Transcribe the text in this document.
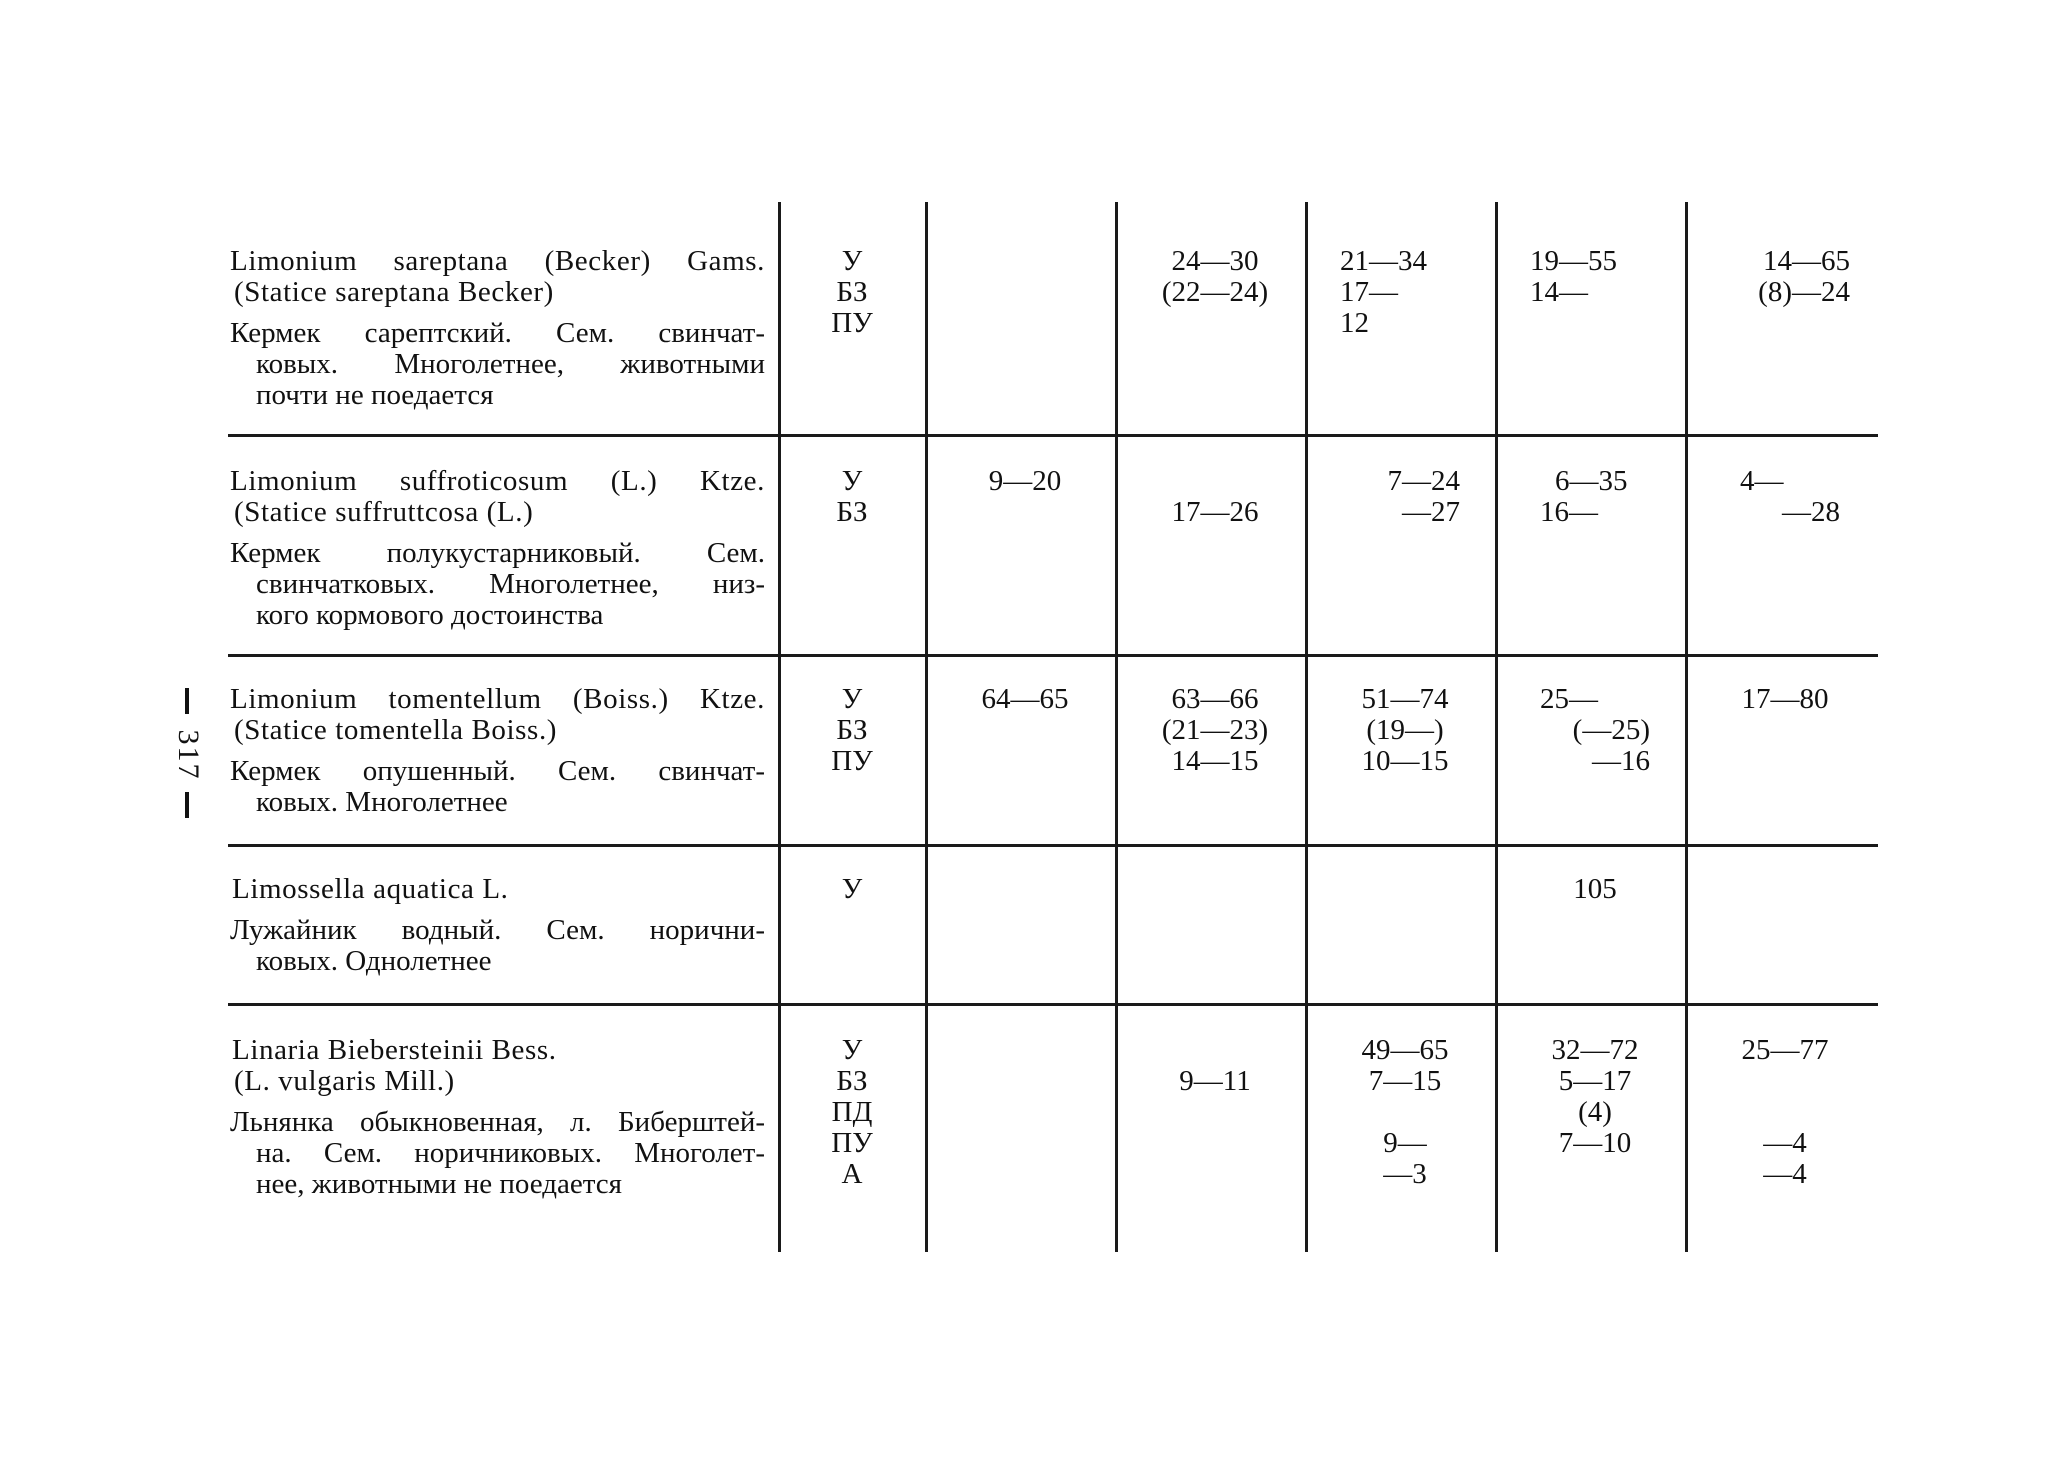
317
Limonium sareptana (Becker) Gams.
(Statice sareptana Becker)
Кермек сарептский. Сем. свинчат-
ковых. Многолетнее, животными
почти не поедается
У
БЗ
ПУ
24—30
(22—24)
21—34
17—
12
19—55
14—
14—65
(8)—24
Limonium suffroticosum (L.) Ktze.
(Statice suffruttcosa (L.)
Кермек полукустарниковый. Сем.
свинчатковых. Многолетнее, низ-
кого кормового достоинства
У
БЗ
9—20

17—26
7—24
—27
6—35
16—
4—
—28
Limonium tomentellum (Boiss.) Ktze.
(Statice tomentella Boiss.)
Кермек опушенный. Сем. свинчат-
ковых. Многолетнее
У
БЗ
ПУ
64—65	63—66
(21—23)
14—15
51—74
(19—)
10—15
25—
(—25)
—16
17—80
Limossella aquatica L.
Лужайник водный. Сем. норични-
ковых. Однолетнее
У	105
Linaria Biebersteinii Bess.
(L. vulgaris Mill.)
Льнянка обыкновенная, л. Биберштей-
на. Сем. норичниковых. Многолет-
нее, животными не поедается
У
БЗ
ПД
ПУ
А

9—11
49—65
7—15

9—
—3
32—72
5—17
(4)
7—10
25—77

—4
—4
